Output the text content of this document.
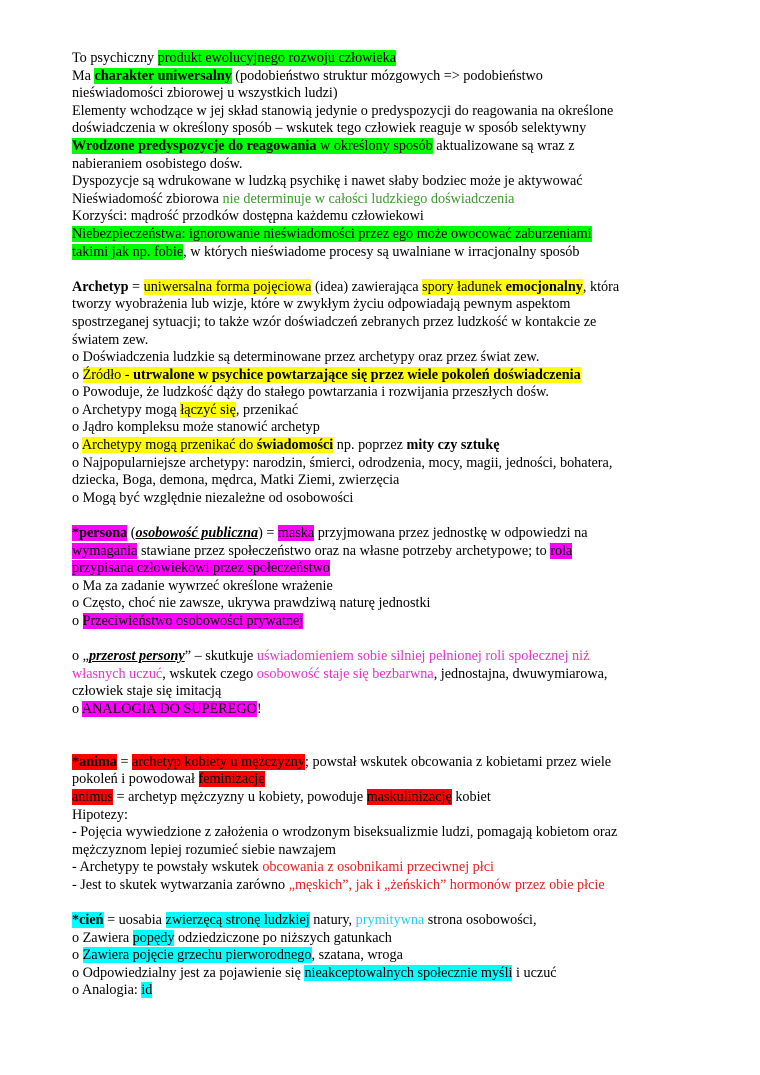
To psychiczny produkt ewolucyjnego rozwoju człowieka
Ma charakter uniwersalny (podobieństwo struktur mózgowych => podobieństwo
nieświadomości zbiorowej u wszystkich ludzi)
Elementy wchodzące w jej skład stanowią jedynie o predyspozycji do reagowania na określone
doświadczenia w określony sposób – wskutek tego człowiek reaguje w sposób selektywny
Wrodzone predyspozycje do reagowania w określony sposób aktualizowane są wraz z
nabieraniem osobistego dośw.
Dyspozycje są wdrukowane w ludzką psychikę i nawet słaby bodziec może je aktywować
Nieświadomość zbiorowa nie determinuje w całości ludzkiego doświadczenia
Korzyści: mądrość przodków dostępna każdemu człowiekowi
Niebezpieczeństwa: ignorowanie nieświadomości przez ego może owocować zaburzeniami
takimi jak np. fobie, w których nieświadome procesy są uwalniane w irracjonalny sposób
Archetyp = uniwersalna forma pojęciowa (idea) zawierająca spory ładunek emocjonalny, która
tworzy wyobrażenia lub wizje, które w zwykłym życiu odpowiadają pewnym aspektom
spostrzeganej sytuacji; to także wzór doświadczeń zebranych przez ludzkość w kontakcie ze
światem zew.
o Doświadczenia ludzkie są determinowane przez archetypy oraz przez świat zew.
o Źródło - utrwalone w psychice powtarzające się przez wiele pokoleń doświadczenia
o Powoduje, że ludzkość dąży do stałego powtarzania i rozwijania przeszłych dośw.
o Archetypy mogą łączyć się, przenikać
o Jądro kompleksu może stanowić archetyp
o Archetypy mogą przenikać do świadomości np. poprzez mity czy sztukę
o Najpopularniejsze archetypy: narodzin, śmierci, odrodzenia, mocy, magii, jedności, bohatera,
dziecka, Boga, demona, mędrca, Matki Ziemi, zwierzęcia
o Mogą być względnie niezależne od osobowości
*persona (osobowość publiczna) = maska przyjmowana przez jednostkę w odpowiedzi na
wymagania stawiane przez społeczeństwo oraz na własne potrzeby archetypowe; to rola
przypisana człowiekowi przez społeczeństwo
o Ma za zadanie wywrzeć określone wrażenie
o Często, choć nie zawsze, ukrywa prawdziwą naturę jednostki
o Przeciwieństwo osobowości prywatnej
o „przerost persony” – skutkuje uświadomieniem sobie silniej pełnionej roli społecznej niż
własnych uczuć, wskutek czego osobowość staje się bezbarwna, jednostajna, dwuwymiarowa,
człowiek staje się imitacją
o ANALOGIA DO SUPEREGO!
*anima = archetyp kobiety u mężczyzny; powstał wskutek obcowania z kobietami przez wiele
pokoleń i powodował feminizację
animus = archetyp mężczyzny u kobiety, powoduje maskulinizację kobiet
Hipotezy:
- Pojęcia wywiedzione z założenia o wrodzonym biseksualizmie ludzi, pomagają kobietom oraz
mężczyznom lepiej rozumieć siebie nawzajem
- Archetypy te powstały wskutek obcowania z osobnikami przeciwnej płci
- Jest to skutek wytwarzania zarówno „męskich”, jak i „żeńskich” hormonów przez obie płcie
*cień = uosabia zwierzęcą stronę ludzkiej natury, prymitywna strona osobowości,
o Zawiera popędy odziedziczone po niższych gatunkach
o Zawiera pojęcie grzechu pierworodnego, szatana, wroga
o Odpowiedzialny jest za pojawienie się nieakceptowalnych społecznie myśli i uczuć
o Analogia: id
